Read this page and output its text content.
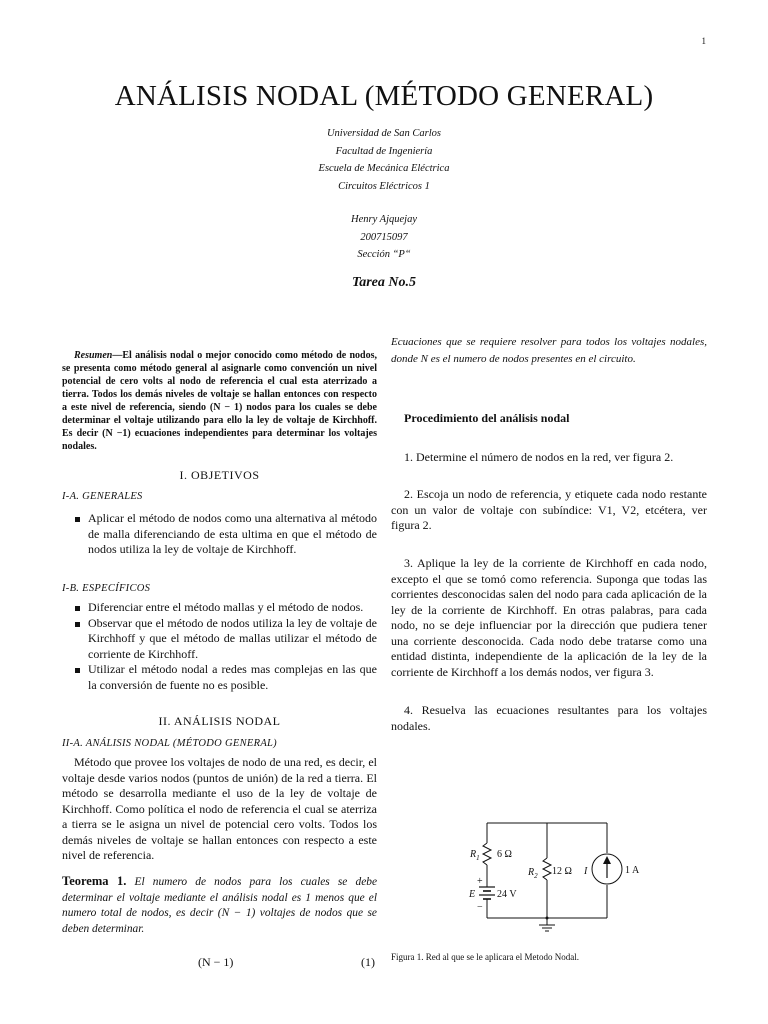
1
ANÁLISIS NODAL (MÉTODO GENERAL)
Universidad de San Carlos
Facultad de Ingeniería
Escuela de Mecánica Eléctrica
Circuitos Eléctricos 1
Henry Ajquejay
200715097
Sección “P“
Tarea No.5
Resumen—El análisis nodal o mejor conocido como método de nodos, se presenta como método general al asignarle como convención un nivel potencial de cero volts al nodo de referencia el cual esta aterrizado a tierra. Todos los demás niveles de voltaje se hallan entonces con respecto a este nivel de referencia, siendo (N − 1) nodos para los cuales se debe determinar el voltaje utilizando para ello la ley de voltaje de Kirchhoff. Es decir (N −1) ecuaciones independientes para determinar los voltajes nodales.
I. OBJETIVOS
I-A. GENERALES
Aplicar el método de nodos como una alternativa al método de malla diferenciando de esta ultima en que el método de nodos utiliza la ley de voltaje de Kirchhoff.
I-B. ESPECÍFICOS
Diferenciar entre el método mallas y el método de nodos.
Observar que el método de nodos utiliza la ley de voltaje de Kirchhoff y que el método de mallas utilizar el método de corriente de Kirchhoff.
Utilizar el método nodal a redes mas complejas en las que la conversión de fuente no es posible.
II. ANÁLISIS NODAL
II-A. ANÁLISIS NODAL (MÉTODO GENERAL)
Método que provee los voltajes de nodo de una red, es decir, el voltaje desde varios nodos (puntos de unión) de la red a tierra. El método se desarrolla mediante el uso de la ley de voltaje de Kirchhoff. Como política el nodo de referencia el cual se aterriza a tierra se le asigna un nivel de potencial cero volts. Todos los demás niveles de voltaje se hallan entonces con respecto a este nivel de referencia.
Teorema 1. El numero de nodos para los cuales se debe determinar el voltaje mediante el análisis nodal es 1 menos que el numero total de nodos, es decir (N − 1) voltajes de nodos que se deben determinar.
(N − 1)	(1)
Ecuaciones que se requiere resolver para todos los voltajes nodales, donde N es el numero de nodos presentes en el circuito.
Procedimiento del análisis nodal
1. Determine el número de nodos en la red, ver figura 2.
2. Escoja un nodo de referencia, y etiquete cada nodo restante con un valor de voltaje con subíndice: V1, V2, etcétera, ver figura 2.
3. Aplique la ley de la corriente de Kirchhoff en cada nodo, excepto el que se tomó como referencia. Suponga que todas las corrientes desconocidas salen del nodo para cada aplicación de la ley de la corriente de Kirchhoff. En otras palabras, para cada nodo, no se deje influenciar por la dirección que pudiera tener una corriente desconocida. Cada nodo debe tratarse como una entidad distinta, independiente de la aplicación de la ley de la corriente de Kirchhoff a los demás nodos, ver figura 3.
4. Resuelva las ecuaciones resultantes para los voltajes nodales.
$R_1$ 6 Ω
$R_2$ 12 Ω I	1 A
+
E 24 V
−
Figura 1. Red al que se le aplicara el Metodo Nodal.
